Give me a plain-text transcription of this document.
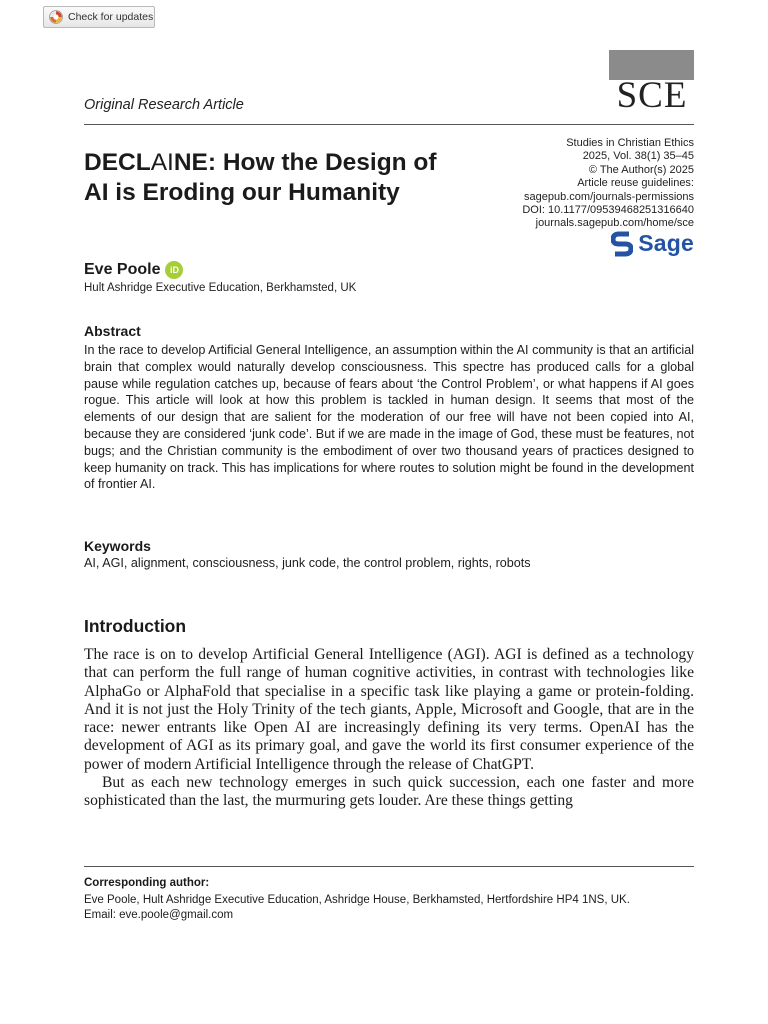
Check for updates
SCE
Original Research Article
DECLAINE: How the Design of
AI is Eroding our Humanity
Studies in Christian Ethics
2025, Vol. 38(1) 35–45
© The Author(s) 2025
Article reuse guidelines:
sagepub.com/journals-permissions
DOI: 10.1177/09539468251316640
journals.sagepub.com/home/sce
Sage
Eve Poole	iD
Hult Ashridge Executive Education, Berkhamsted, UK
Abstract
In the race to develop Artificial General Intelligence, an assumption within the AI community is that an artificial brain that complex would naturally develop consciousness. This spectre has produced calls for a global pause while regulation catches up, because of fears about ‘the Control Problem’, or what happens if AI goes rogue. This article will look at how this problem is tackled in human design. It seems that most of the elements of our design that are salient for the moderation of our free will have not been copied into AI, because they are considered ‘junk code’. But if we are made in the image of God, these must be features, not bugs; and the Christian community is the embodiment of over two thousand years of practices designed to keep humanity on track. This has implications for where routes to solution might be found in the development of frontier AI.
Keywords
AI, AGI, alignment, consciousness, junk code, the control problem, rights, robots
Introduction

The race is on to develop Artificial General Intelligence (AGI). AGI is defined as a technology that can perform the full range of human cognitive activities, in contrast with technologies like AlphaGo or AlphaFold that specialise in a specific task like playing a game or protein-folding. And it is not just the Holy Trinity of the tech giants, Apple, Microsoft and Google, that are in the race: newer entrants like Open AI are increasingly defining its very terms. OpenAI has the development of AGI as its primary goal, and gave the world its first consumer experience of the power of modern Artificial Intelligence through the release of ChatGPT.

But as each new technology emerges in such quick succession, each one faster and more sophisticated than the last, the murmuring gets louder. Are these things getting

Corresponding author:
Eve Poole, Hult Ashridge Executive Education, Ashridge House, Berkhamsted, Hertfordshire HP4 1NS, UK.
Email: eve.poole@gmail.com
